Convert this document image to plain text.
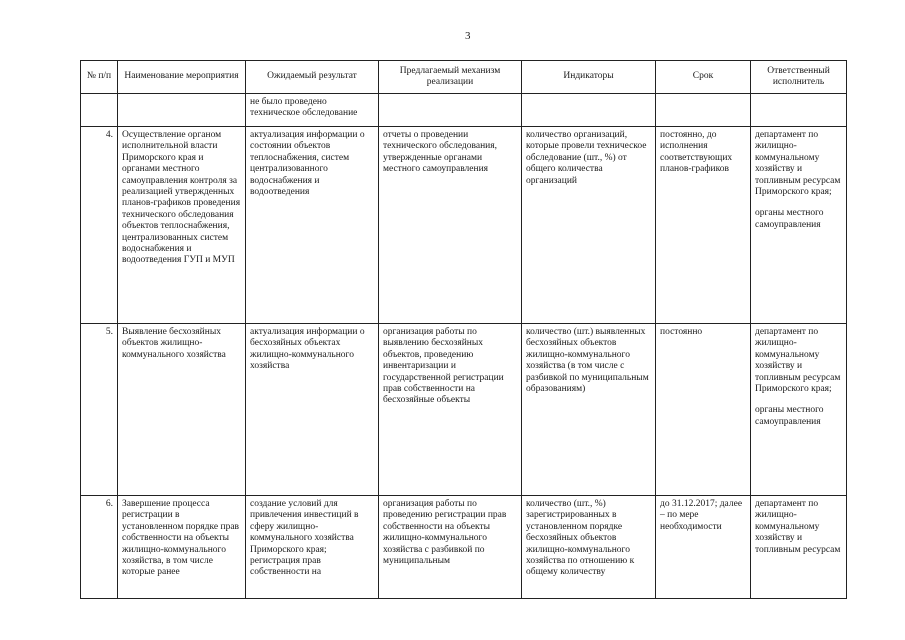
3
№ п/п	Наименование мероприятия	Ожидаемый результат	Предлагаемый механизм реализации	Индикаторы	Срок	Ответственный исполнитель
		не было проведено техническое обследование				

4.	Осуществление органом исполнительной власти Приморского края и органами местного самоуправления контроля за реализацией утвержденных планов-графиков проведения технического обследования объектов теплоснабжения, централизованных систем водоснабжения и водоотведения ГУП и МУП	актуализация информации о состоянии объектов теплоснабжения, систем централизованного водоснабжения и водоотведения	отчеты о проведении технического обследования, утвержденные органами местного самоуправления	количество организаций, которые провели техническое обследование (шт., %) от общего количества организаций	постоянно, до исполнения соответствующих планов-графиков	департамент по жилищно-коммунальному хозяйству и топливным ресурсам Приморского края;
органы местного самоуправления

5.	Выявление бесхозяйных объектов жилищно-коммунального хозяйства	актуализация информации о бесхозяйных объектах жилищно-коммунального хозяйства	организация работы по выявлению бесхозяйных объектов, проведению инвентаризации и государственной регистрации прав собственности на бесхозяйные объекты	количество (шт.) выявленных бесхозяйных объектов жилищно-коммунального хозяйства (в том числе с разбивкой по муниципальным образованиям)	постоянно	департамент по жилищно-коммунальному хозяйству и топливным ресурсам Приморского края;
органы местного самоуправления

6.	Завершение процесса регистрации в установленном порядке прав собственности на объекты жилищно-коммунального хозяйства, в том числе которые ранее	создание условий для привлечения инвестиций в сферу жилищно-коммунального хозяйства Приморского края; регистрация прав собственности на	организация работы по проведению регистрации прав собственности на объекты жилищно-коммунального хозяйства с разбивкой по муниципальным	количество (шт., %) зарегистрированных в установленном порядке бесхозяйных объектов жилищно-коммунального хозяйства по отношению к общему количеству	до 31.12.2017; далее – по мере необходимости	департамент по жилищно-коммунальному хозяйству и топливным ресурсам
